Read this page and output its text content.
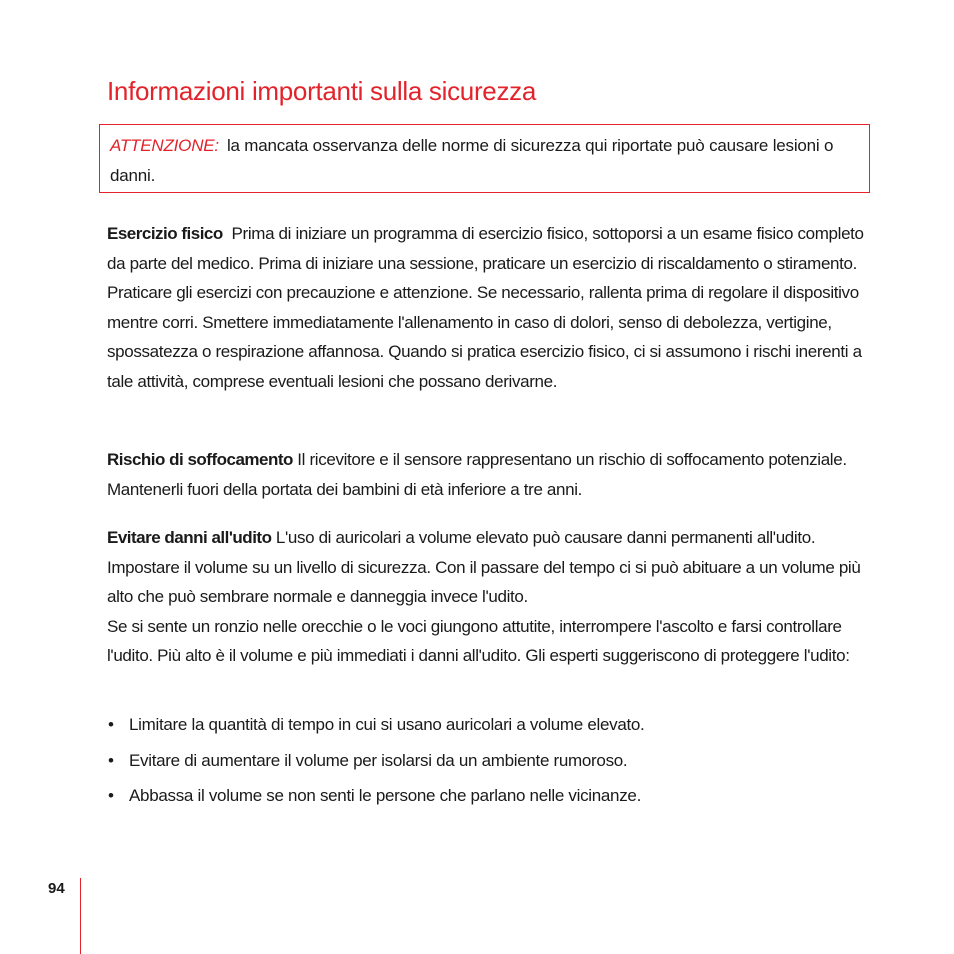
Informazioni importanti sulla sicurezza
ATTENZIONE: la mancata osservanza delle norme di sicurezza qui riportate può causare lesioni o danni.

Esercizio fisico Prima di iniziare un programma di esercizio fisico, sottoporsi a un esame fisico completo da parte del medico. Prima di iniziare una sessione, praticare un esercizio di riscaldamento o stiramento. Praticare gli esercizi con precauzione e attenzione. Se necessario, rallenta prima di regolare il dispositivo mentre corri. Smettere immediatamente l'allenamento in caso di dolori, senso di debolezza, vertigine, spossatezza o respirazione affannosa. Quando si pratica esercizio fisico, ci si assumono i rischi inerenti a tale attività, comprese eventuali lesioni che possano derivarne.

Rischio di soffocamento Il ricevitore e il sensore rappresentano un rischio di soffocamento potenziale. Mantenerli fuori della portata dei bambini di età inferiore a tre anni.

Evitare danni all'udito L'uso di auricolari a volume elevato può causare danni permanenti all'udito. Impostare il volume su un livello di sicurezza. Con il passare del tempo ci si può abituare a un volume più alto che può sembrare normale e danneggia invece l'udito.
Se si sente un ronzio nelle orecchie o le voci giungono attutite, interrompere l'ascolto e farsi controllare l'udito. Più alto è il volume e più immediati i danni all'udito. Gli esperti suggeriscono di proteggere l'udito:

• Limitare la quantità di tempo in cui si usano auricolari a volume elevato.
• Evitare di aumentare il volume per isolarsi da un ambiente rumoroso.
• Abbassa il volume se non senti le persone che parlano nelle vicinanze.
94
